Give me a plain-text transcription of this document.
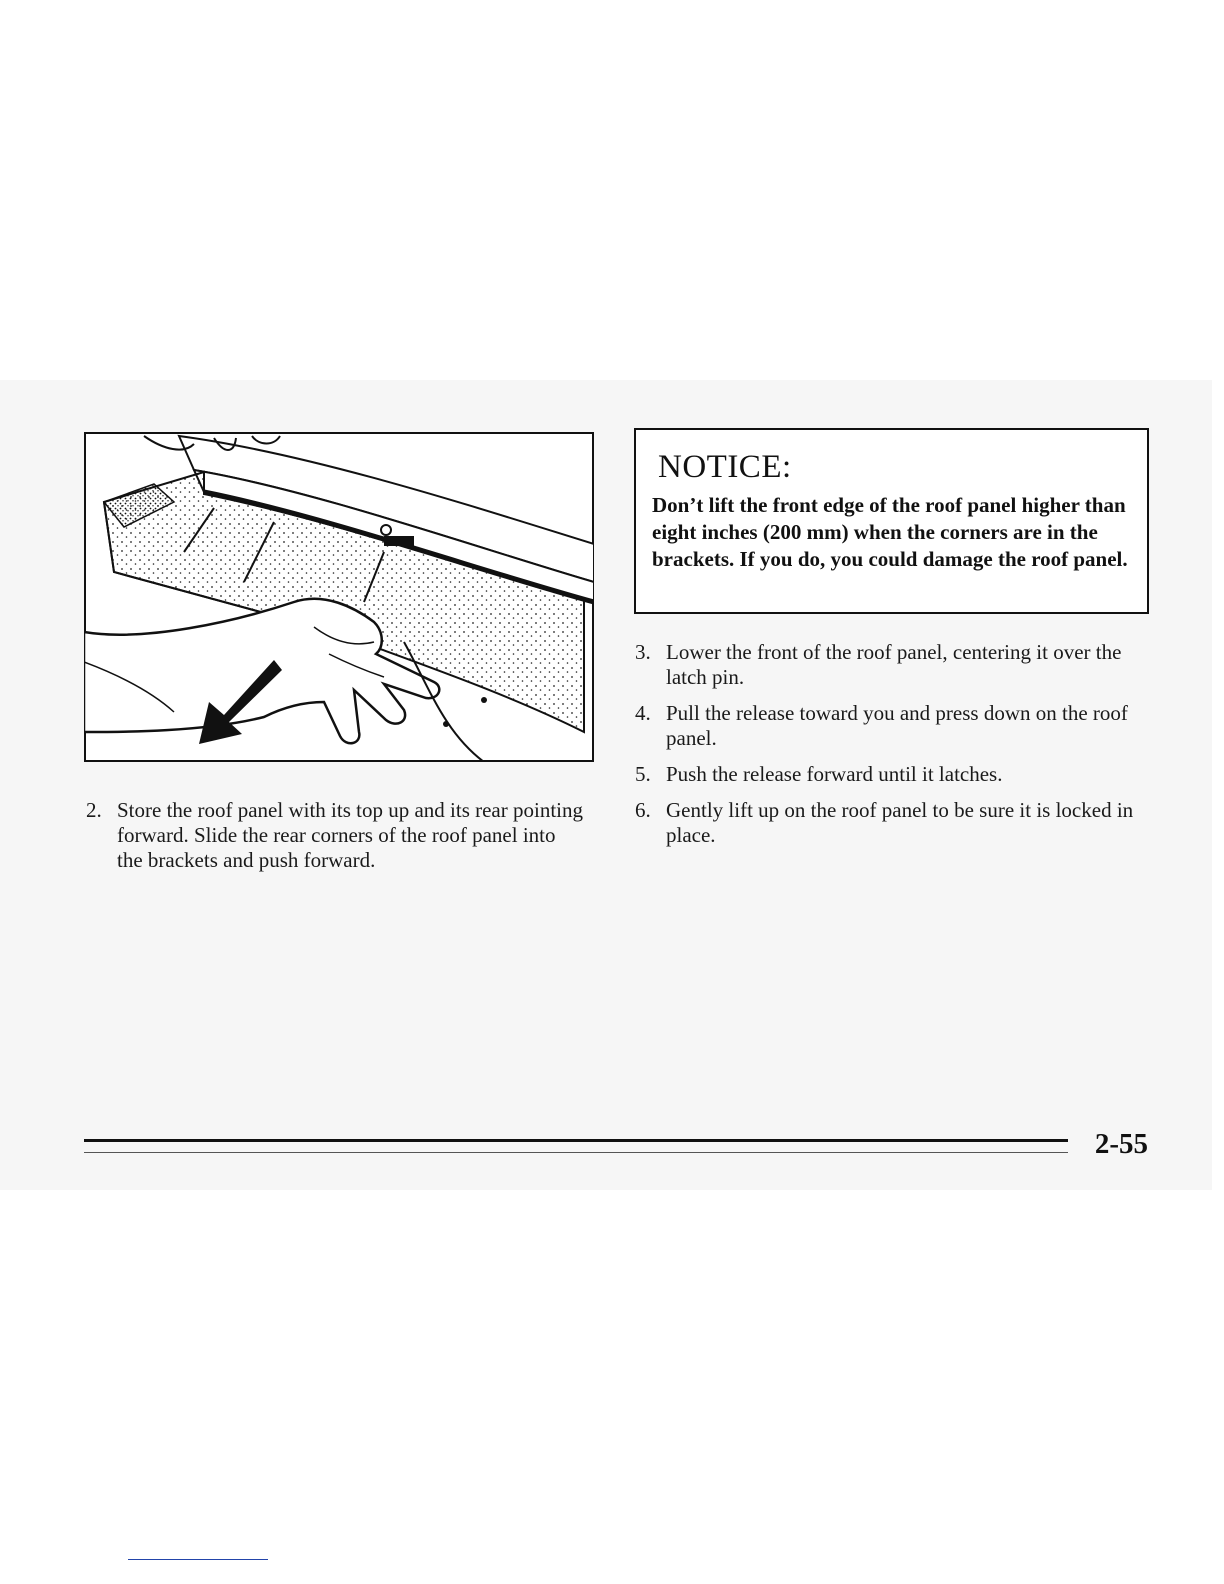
NOTICE:

Don’t lift the front edge of the roof panel higher than eight inches (200 mm) when the corners are in the brackets. If you do, you could damage the roof panel.

2. Store the roof panel with its top up and its rear pointing forward. Slide the rear corners of the roof panel into the brackets and push forward.
3. Lower the front of the roof panel, centering it over the latch pin.
4. Pull the release toward you and press down on the roof panel.
5. Push the release forward until it latches.
6. Gently lift up on the roof panel to be sure it is locked in place.
2-55
